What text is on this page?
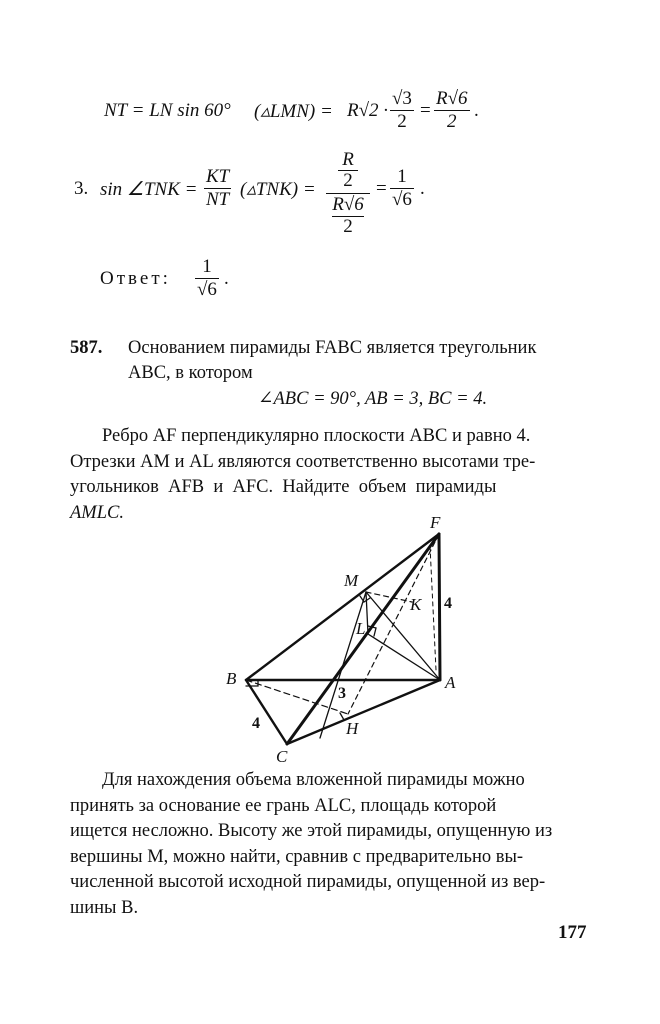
NT = LN sin 60° (▵LMN) = $R√2 \cdot \frac{√3}{2} = \frac{R√6}{2}$ .
3. sin ∠TNK = $\frac{KT}{NT}$ (▵TNK) =
R
2
R√6
2
= $\frac{1}{√6}$ .
Ответ: $\frac{1}{√6}$ .
587. Основанием пирамиды FABC является треугольник
ABC, в котором
∠ABC = 90°, AB = 3, BC = 4.
Ребро AF перпендикулярно плоскости ABC и равно 4.
Отрезки AM и AL являются соответственно высотами тре-
угольников  AFB  и  AFC.  Найдите  объем  пирамиды
AMLC.	F
M
K
L
B	A
C
H
4
3
4
Для нахождения объема вложенной пирамиды можно
принять за основание ее грань ALC, площадь которой
ищется несложно. Высоту же этой пирамиды, опущенную из
вершины M, можно найти, сравнив с предварительно вы-
численной высотой исходной пирамиды, опущенной из вер-
шины B.
177
